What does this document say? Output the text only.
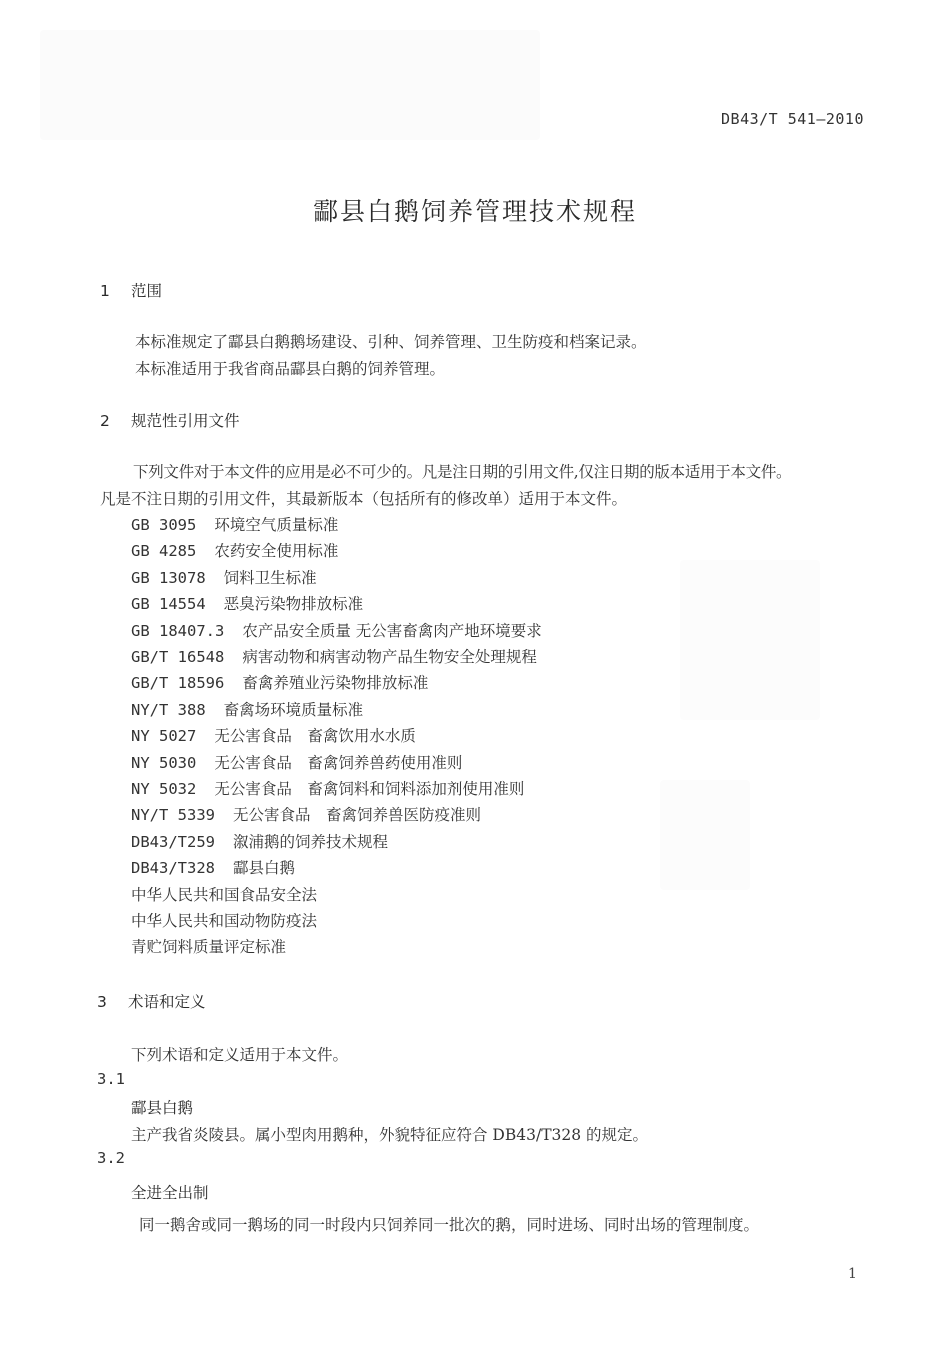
DB43/T 541—2010
酃县白鹅饲养管理技术规程
1 范围
本标准规定了酃县白鹅鹅场建设、引种、饲养管理、卫生防疫和档案记录。
本标准适用于我省商品酃县白鹅的饲养管理。
2 规范性引用文件
下列文件对于本文件的应用是必不可少的。凡是注日期的引用文件,仅注日期的版本适用于本文件。
凡是不注日期的引用文件，其最新版本（包括所有的修改单）适用于本文件。
GB 3095 环境空气质量标准
GB 4285 农药安全使用标准
GB 13078 饲料卫生标准
GB 14554 恶臭污染物排放标准
GB 18407.3 农产品安全质量 无公害畜禽肉产地环境要求
GB/T 16548 病害动物和病害动物产品生物安全处理规程
GB/T 18596 畜禽养殖业污染物排放标准
NY/T 388 畜禽场环境质量标准
NY 5027 无公害食品　畜禽饮用水水质
NY 5030 无公害食品　畜禽饲养兽药使用准则
NY 5032 无公害食品　畜禽饲料和饲料添加剂使用准则
NY/T 5339 无公害食品　畜禽饲养兽医防疫准则
DB43/T259 溆浦鹅的饲养技术规程
DB43/T328 酃县白鹅
中华人民共和国食品安全法
中华人民共和国动物防疫法
青贮饲料质量评定标准
3 术语和定义
下列术语和定义适用于本文件。
3.1
酃县白鹅
主产我省炎陵县。属小型肉用鹅种，外貌特征应符合 DB43/T328 的规定。
3.2
全进全出制
同一鹅舍或同一鹅场的同一时段内只饲养同一批次的鹅，同时进场、同时出场的管理制度。
1
